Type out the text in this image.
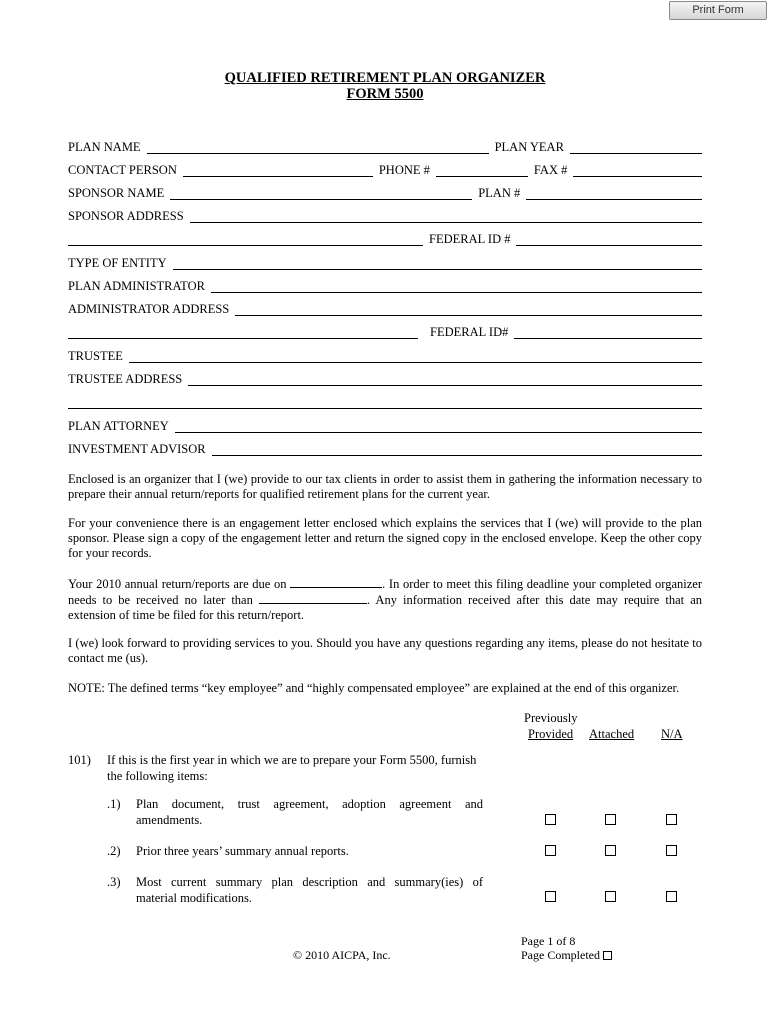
Print Form
QUALIFIED RETIREMENT PLAN ORGANIZER
FORM 5500
PLAN NAME	PLAN YEAR
CONTACT PERSON	PHONE #	FAX #
SPONSOR NAME	PLAN #
SPONSOR ADDRESS
FEDERAL ID #
TYPE OF ENTITY
PLAN ADMINISTRATOR
ADMINISTRATOR ADDRESS
FEDERAL ID#
TRUSTEE
TRUSTEE ADDRESS
PLAN ATTORNEY
INVESTMENT ADVISOR
Enclosed is an organizer that I (we) provide to our tax clients in order to assist them in gathering the information necessary to prepare their annual return/reports for qualified retirement plans for the current year.
For your convenience there is an engagement letter enclosed which explains the services that I (we) will provide to the plan sponsor. Please sign a copy of the engagement letter and return the signed copy in the enclosed envelope. Keep the other copy for your records.
Your 2010 annual return/reports are due on	. In order to meet this filing deadline your completed organizer needs to be received no later than	. Any information received after this date may require that an extension of time be filed for this return/report.
I (we) look forward to providing services to you. Should you have any questions regarding any items, please do not hesitate to contact me (us).
NOTE: The defined terms “key employee” and “highly compensated employee” are explained at the end of this organizer.
Previously
Provided Attached N/A
101) If this is the first year in which we are to prepare your Form 5500, furnish the following items:
.1) Plan document, trust agreement, adoption agreement and amendments.
.2) Prior three years’ summary annual reports.
.3) Most current summary plan description and summary(ies) of material modifications.
Page 1 of 8
© 2010 AICPA, Inc.	Page Completed
